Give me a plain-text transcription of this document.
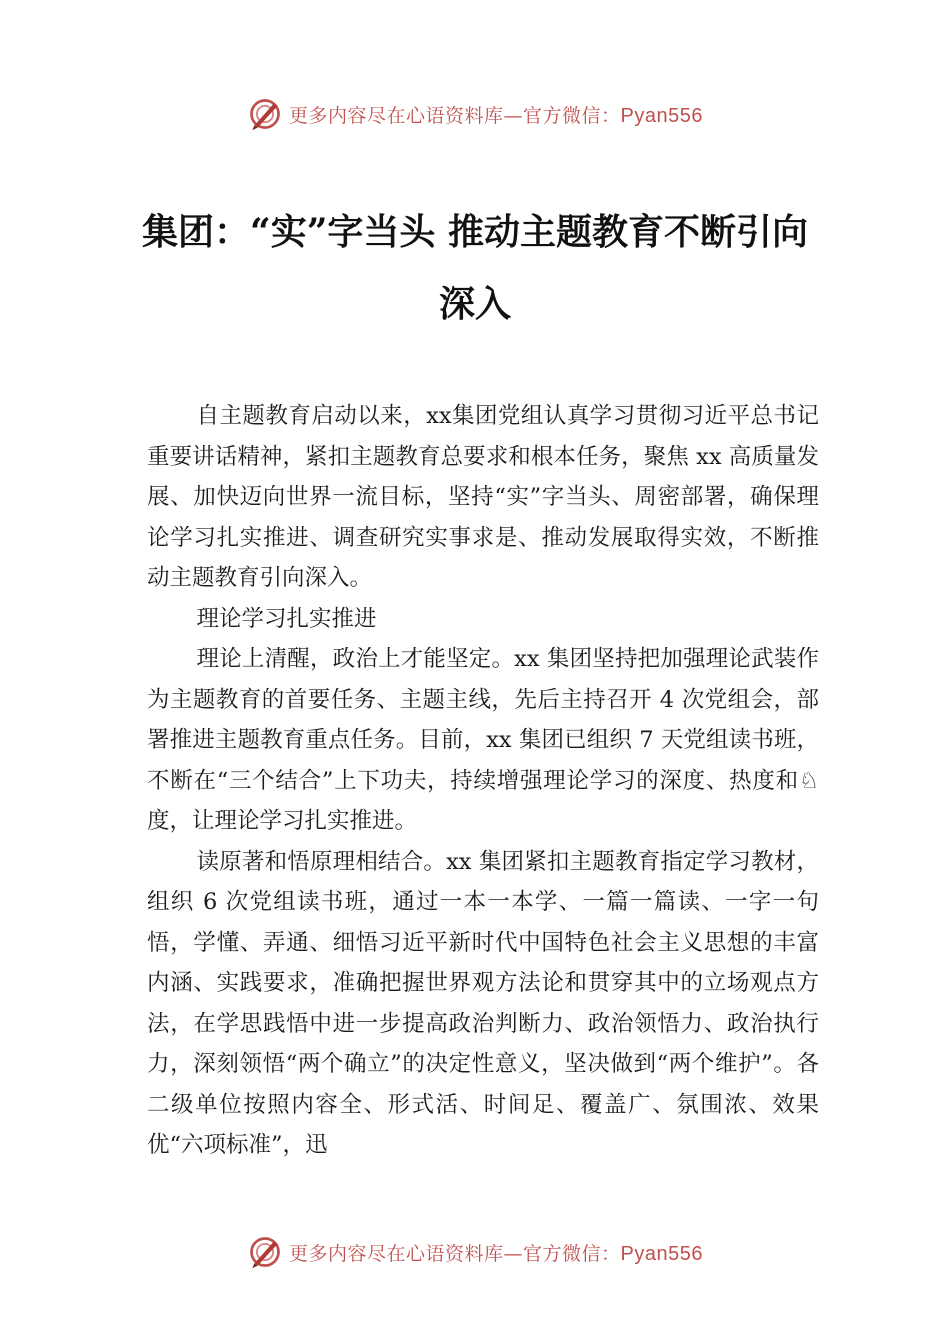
更多内容尽在心语资料库—官方微信：Pyan556
集团：“实”字当头 推动主题教育不断引向深入

自主题教育启动以来，xx集团党组认真学习贯彻习近平总书记重要讲话精神，紧扣主题教育总要求和根本任务，聚焦 xx 高质量发展、加快迈向世界一流目标，坚持“实”字当头、周密部署，确保理论学习扎实推进、调查研究实事求是、推动发展取得实效，不断推动主题教育引向深入。

理论学习扎实推进

理论上清醒，政治上才能坚定。xx 集团坚持把加强理论武装作为主题教育的首要任务、主题主线，先后主持召开 4 次党组会，部署推进主题教育重点任务。目前，xx 集团已组织 7 天党组读书班，不断在“三个结合”上下功夫，持续增强理论学习的深度、热度和♘度，让理论学习扎实推进。

读原著和悟原理相结合。xx 集团紧扣主题教育指定学习教材，组织 6 次党组读书班，通过一本一本学、一篇一篇读、一字一句悟，学懂、弄通、细悟习近平新时代中国特色社会主义思想的丰富内涵、实践要求，准确把握世界观方法论和贯穿其中的立场观点方法，在学思践悟中进一步提高政治判断力、政治领悟力、政治执行力，深刻领悟“两个确立”的决定性意义，坚决做到“两个维护”。各二级单位按照内容全、形式活、时间足、覆盖广、氛围浓、效果优“六项标准”，迅

更多内容尽在心语资料库—官方微信：Pyan556
